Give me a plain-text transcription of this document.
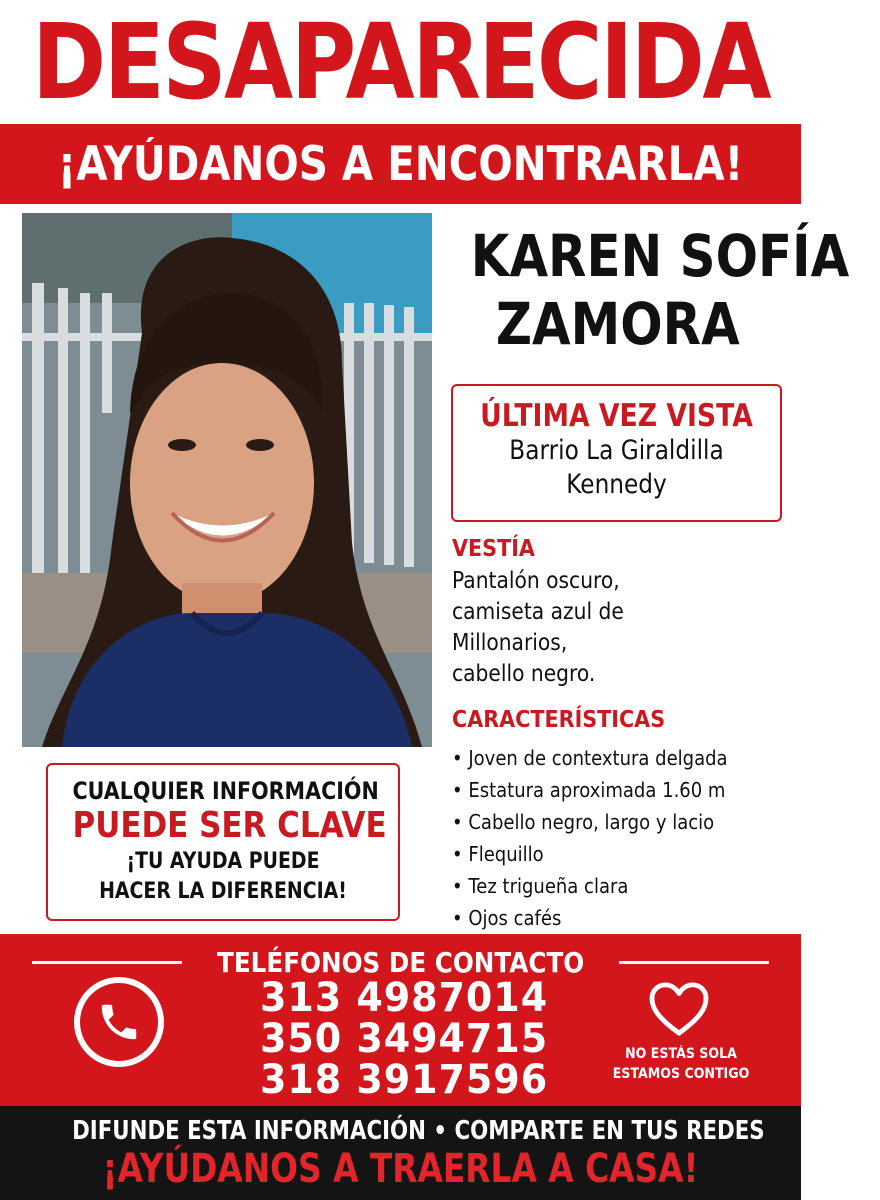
DESAPARECIDA
¡AYÚDANOS A ENCONTRARLA!
KAREN SOFÍA
ZAMORA
ÚLTIMA VEZ VISTA
Barrio La Giraldilla
Kennedy
VESTÍA
Pantalón oscuro,
camiseta azul de
Millonarios,
cabello negro.
CARACTERÍSTICAS
• Joven de contextura delgada
• Estatura aproximada 1.60 m
• Cabello negro, largo y lacio
• Flequillo
• Tez trigueña clara
• Ojos cafés
CUALQUIER INFORMACIÓN
PUEDE SER CLAVE
¡TU AYUDA PUEDE
HACER LA DIFERENCIA!
TELÉFONOS DE CONTACTO
313 4987014
350 3494715
318 3917596
NO ESTÁS SOLA
ESTAMOS CONTIGO
DIFUNDE ESTA INFORMACIÓN • COMPARTE EN TUS REDES
¡AYÚDANOS A TRAERLA A CASA!
